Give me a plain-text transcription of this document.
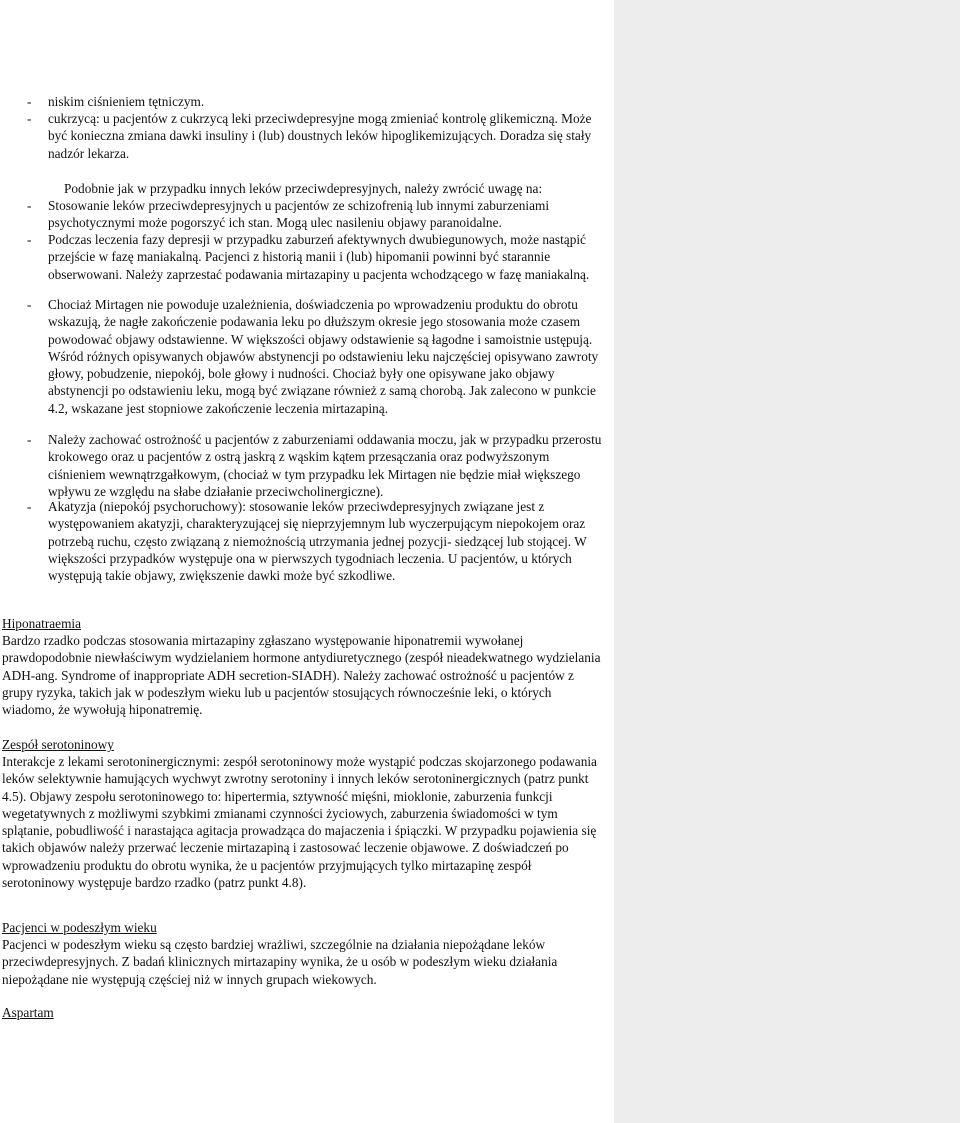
- niskim ciśnieniem tętniczym.

- cukrzycą: u pacjentów z cukrzycą leki przeciwdepresyjne mogą zmieniać kontrolę glikemiczną. Może być konieczna zmiana dawki insuliny i (lub) doustnych leków hipoglikemizujących. Doradza się stały nadzór lekarza.

Podobnie jak w przypadku innych leków przeciwdepresyjnych, należy zwrócić uwagę na:

- Stosowanie leków przeciwdepresyjnych u pacjentów ze schizofrenią lub innymi zaburzeniami psychotycznymi może pogorszyć ich stan. Mogą ulec nasileniu objawy paranoidalne.

- Podczas leczenia fazy depresji w przypadku zaburzeń afektywnych dwubiegunowych, może nastąpić przejście w fazę maniakalną. Pacjenci z historią manii i (lub) hipomanii powinni być starannie obserwowani. Należy zaprzestać podawania mirtazapiny u pacjenta wchodzącego w fazę maniakalną.

- Chociaż Mirtagen nie powoduje uzależnienia, doświadczenia po wprowadzeniu produktu do obrotu wskazują, że nagłe zakończenie podawania leku po dłuższym okresie jego stosowania może czasem powodować objawy odstawienne. W większości objawy odstawienie są łagodne i samoistnie ustępują. Wśród różnych opisywanych objawów abstynencji po odstawieniu leku najczęściej opisywano zawroty głowy, pobudzenie, niepokój, bole głowy i nudności. Chociaż były one opisywane jako objawy abstynencji po odstawieniu leku, mogą być związane również z samą chorobą. Jak zalecono w punkcie 4.2, wskazane jest stopniowe zakończenie leczenia mirtazapiną.

- Należy zachować ostrożność u pacjentów z zaburzeniami oddawania moczu, jak w przypadku przerostu krokowego oraz u pacjentów z ostrą jaskrą z wąskim kątem przesączania oraz podwyższonym ciśnieniem wewnątrzgałkowym, (chociaż w tym przypadku lek Mirtagen nie będzie miał większego wpływu ze względu na słabe działanie przeciwcholinergiczne).

- Akatyzja (niepokój psychoruchowy): stosowanie leków przeciwdepresyjnych związane jest z występowaniem akatyzji, charakteryzującej się nieprzyjemnym lub wyczerpującym niepokojem oraz potrzebą ruchu, często związaną z niemożnością utrzymania jednej pozycji- siedzącej lub stojącej. W większości przypadków występuje ona w pierwszych tygodniach leczenia. U pacjentów, u których występują takie objawy, zwiększenie dawki może być szkodliwe.

Hiponatraemia

Bardzo rzadko podczas stosowania mirtazapiny zgłaszano występowanie hiponatremii wywołanej prawdopodobnie niewłaściwym wydzielaniem hormone antydiuretycznego (zespół nieadekwatnego wydzielania ADH-ang. Syndrome of inappropriate ADH secretion-SIADH). Należy zachować ostrożność u pacjentów z grupy ryzyka, takich jak w podeszłym wieku lub u pacjentów stosujących równocześnie leki, o których wiadomo, że wywołują hiponatremię.

Zespół serotoninowy

Interakcje z lekami serotoninergicznymi: zespół serotoninowy może wystąpić podczas skojarzonego podawania leków selektywnie hamujących wychwyt zwrotny serotoniny i innych leków serotoninergicznych (patrz punkt 4.5). Objawy zespołu serotoninowego to: hipertermia, sztywność mięśni, mioklonie, zaburzenia funkcji wegetatywnych z możliwymi szybkimi zmianami czynności życiowych, zaburzenia świadomości w tym splątanie, pobudliwość i narastająca agitacja prowadząca do majaczenia i śpiączki. W przypadku pojawienia się takich objawów należy przerwać leczenie mirtazapiną i zastosować leczenie objawowe. Z doświadczeń po wprowadzeniu produktu do obrotu wynika, że u pacjentów przyjmujących tylko mirtazapinę zespół serotoninowy występuje bardzo rzadko (patrz punkt 4.8).

Pacjenci w podeszłym wieku

Pacjenci w podeszłym wieku są często bardziej wrażliwi, szczególnie na działania niepożądane leków przeciwdepresyjnych. Z badań klinicznych mirtazapiny wynika, że u osób w podeszłym wieku działania niepożądane nie występują częściej niż w innych grupach wiekowych.

Aspartam
